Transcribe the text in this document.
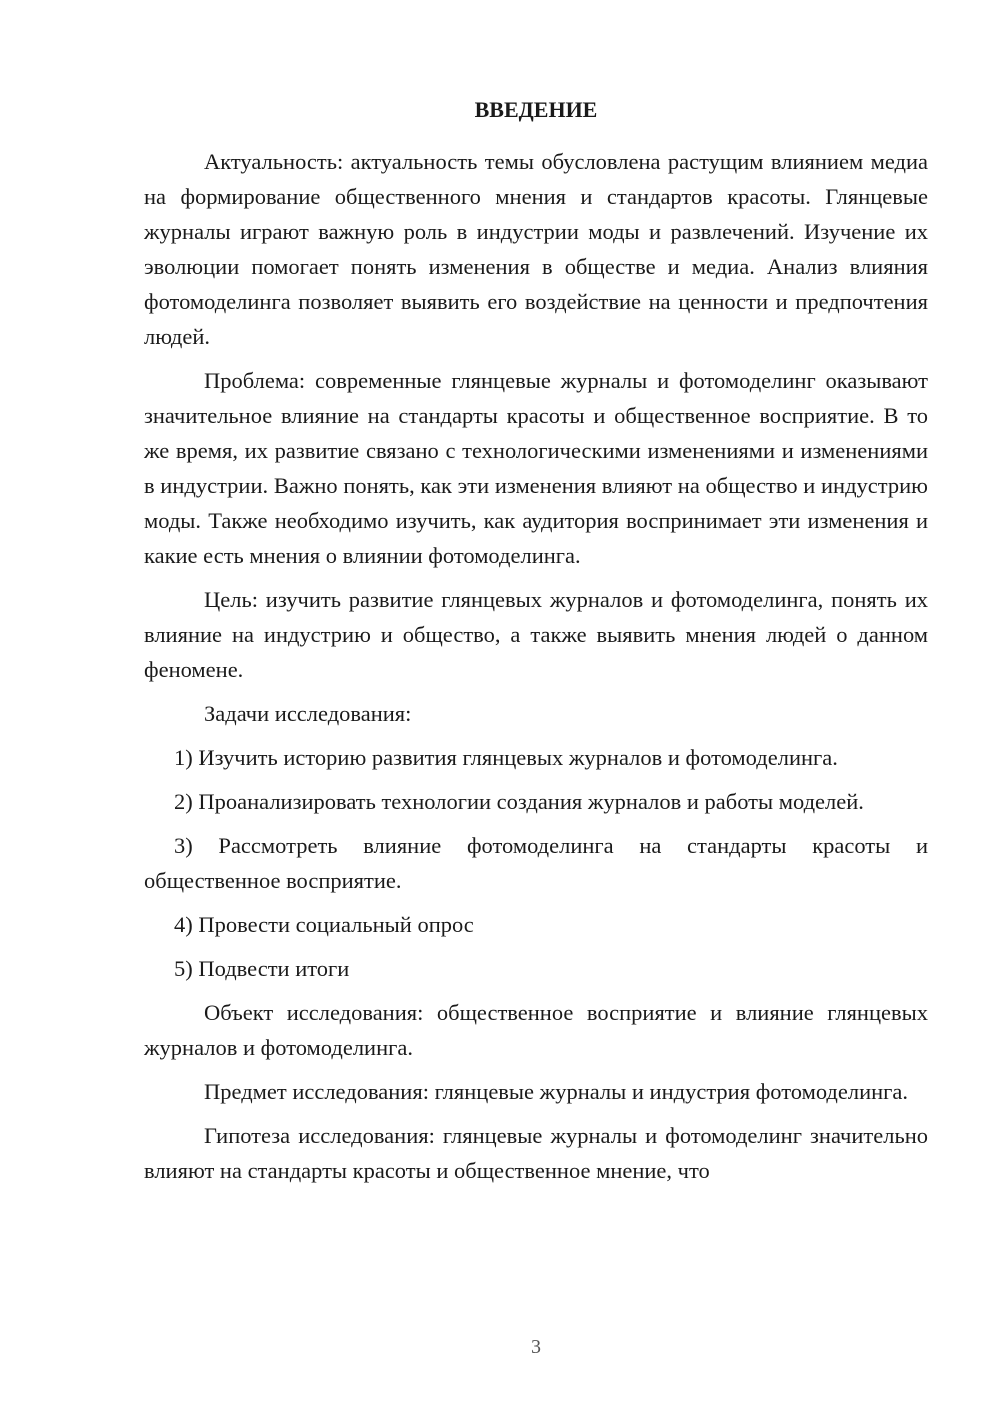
ВВЕДЕНИЕ

Актуальность: актуальность темы обусловлена растущим влиянием медиа на формирование общественного мнения и стандартов красоты. Глянцевые журналы играют важную роль в индустрии моды и развлечений. Изучение их эволюции помогает понять изменения в обществе и медиа. Анализ влияния фотомоделинга позволяет выявить его воздействие на ценности и предпочтения людей.

Проблема: современные глянцевые журналы и фотомоделинг оказывают значительное влияние на стандарты красоты и общественное восприятие. В то же время, их развитие связано с технологическими изменениями и изменениями в индустрии. Важно понять, как эти изменения влияют на общество и индустрию моды. Также необходимо изучить, как аудитория воспринимает эти изменения и какие есть мнения о влиянии фотомоделинга.

Цель: изучить развитие глянцевых журналов и фотомоделинга, понять их влияние на индустрию и общество, а также выявить мнения людей о данном феномене.

Задачи исследования:

1) Изучить историю развития глянцевых журналов и фотомоделинга.

2) Проанализировать технологии создания журналов и работы моделей.

3) Рассмотреть влияние фотомоделинга на стандарты красоты и общественное восприятие.

4) Провести социальный опрос

5) Подвести итоги

Объект исследования: общественное восприятие и влияние глянцевых журналов и фотомоделинга.

Предмет исследования: глянцевые журналы и индустрия фотомоделинга.

Гипотеза исследования: глянцевые журналы и фотомоделинг значительно влияют на стандарты красоты и общественное мнение, что

3
